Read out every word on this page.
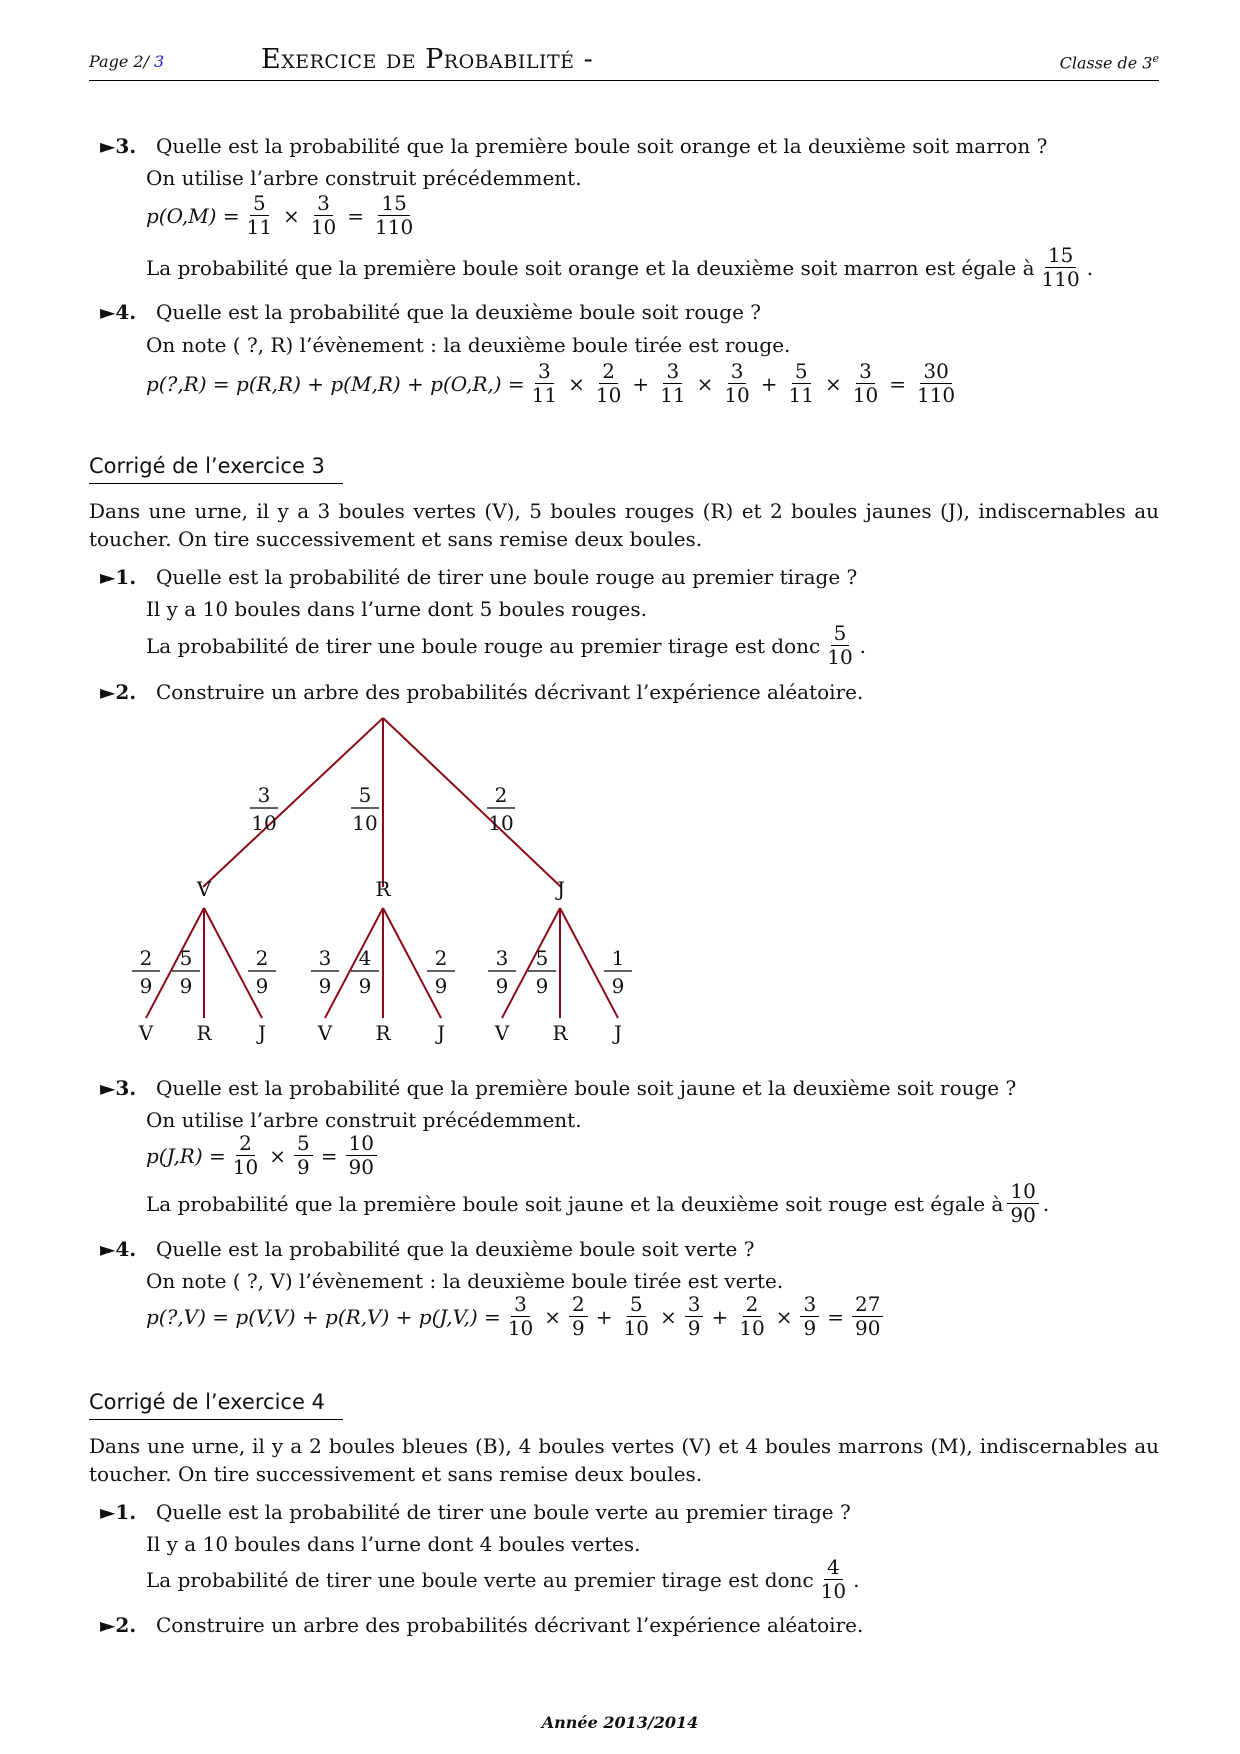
Page 2/ 3	Exercice de Probabilité -	Classe de 3e
►3. Quelle est la probabilité que la première boule soit orange et la deuxième soit marron ?
On utilise l’arbre construit précédemment.
$p(O,M) = \frac{5}{11} \times \frac{3}{10} = \frac{15}{110}$
La probabilité que la première boule soit orange et la deuxième soit marron est égale à $\frac{15}{110}$ .
►4. Quelle est la probabilité que la deuxième boule soit rouge ?
On note ( ?, R) l’évènement : la deuxième boule tirée est rouge.
p(?,R) = $p(R,R) + p(M,R) + p(O,R,) = \frac{3}{11} \times \frac{2}{10} + \frac{3}{11} \times \frac{3}{10} + \frac{5}{11} \times \frac{3}{10} = \frac{30}{110}$
Corrigé de l’exercice 3
Dans une urne, il y a 3 boules vertes (V), 5 boules rouges (R) et 2 boules jaunes (J), indiscernables au toucher. On tire successivement et sans remise deux boules.
►1. Quelle est la probabilité de tirer une boule rouge au premier tirage ?
Il y a 10 boules dans l’urne dont 5 boules rouges.
La probabilité de tirer une boule rouge au premier tirage est donc $\frac{5}{10}$ .
►2. Construire un arbre des probabilités décrivant l’expérience aléatoire.
3
10
V
5
10
R
2
10
J
V
2
9
R
5
9
J
2
9
V
3
9
R
4
9
J
2
9
V
3
9
R
5
9
J
1
9
►3. Quelle est la probabilité que la première boule soit jaune et la deuxième soit rouge ?
On utilise l’arbre construit précédemment.
$p(J,R) = \frac{2}{10} \times \frac{5}{9} = \frac{10}{90}$
La probabilité que la première boule soit jaune et la deuxième soit rouge est égale à $\frac{10}{90}$ .
►4. Quelle est la probabilité que la deuxième boule soit verte ?
On note ( ?, V) l’évènement : la deuxième boule tirée est verte.
p(?,V) = $p(V,V) + p(R,V) + p(J,V,) = \frac{3}{10} \times \frac{2}{9} + \frac{5}{10} \times \frac{3}{9} + \frac{2}{10} \times \frac{3}{9} = \frac{27}{90}$
Corrigé de l’exercice 4
Dans une urne, il y a 2 boules bleues (B), 4 boules vertes (V) et 4 boules marrons (M), indiscernables au toucher. On tire successivement et sans remise deux boules.
►1. Quelle est la probabilité de tirer une boule verte au premier tirage ?
Il y a 10 boules dans l’urne dont 4 boules vertes.
La probabilité de tirer une boule verte au premier tirage est donc $\frac{4}{10}$ .
►2. Construire un arbre des probabilités décrivant l’expérience aléatoire.
Année 2013/2014
